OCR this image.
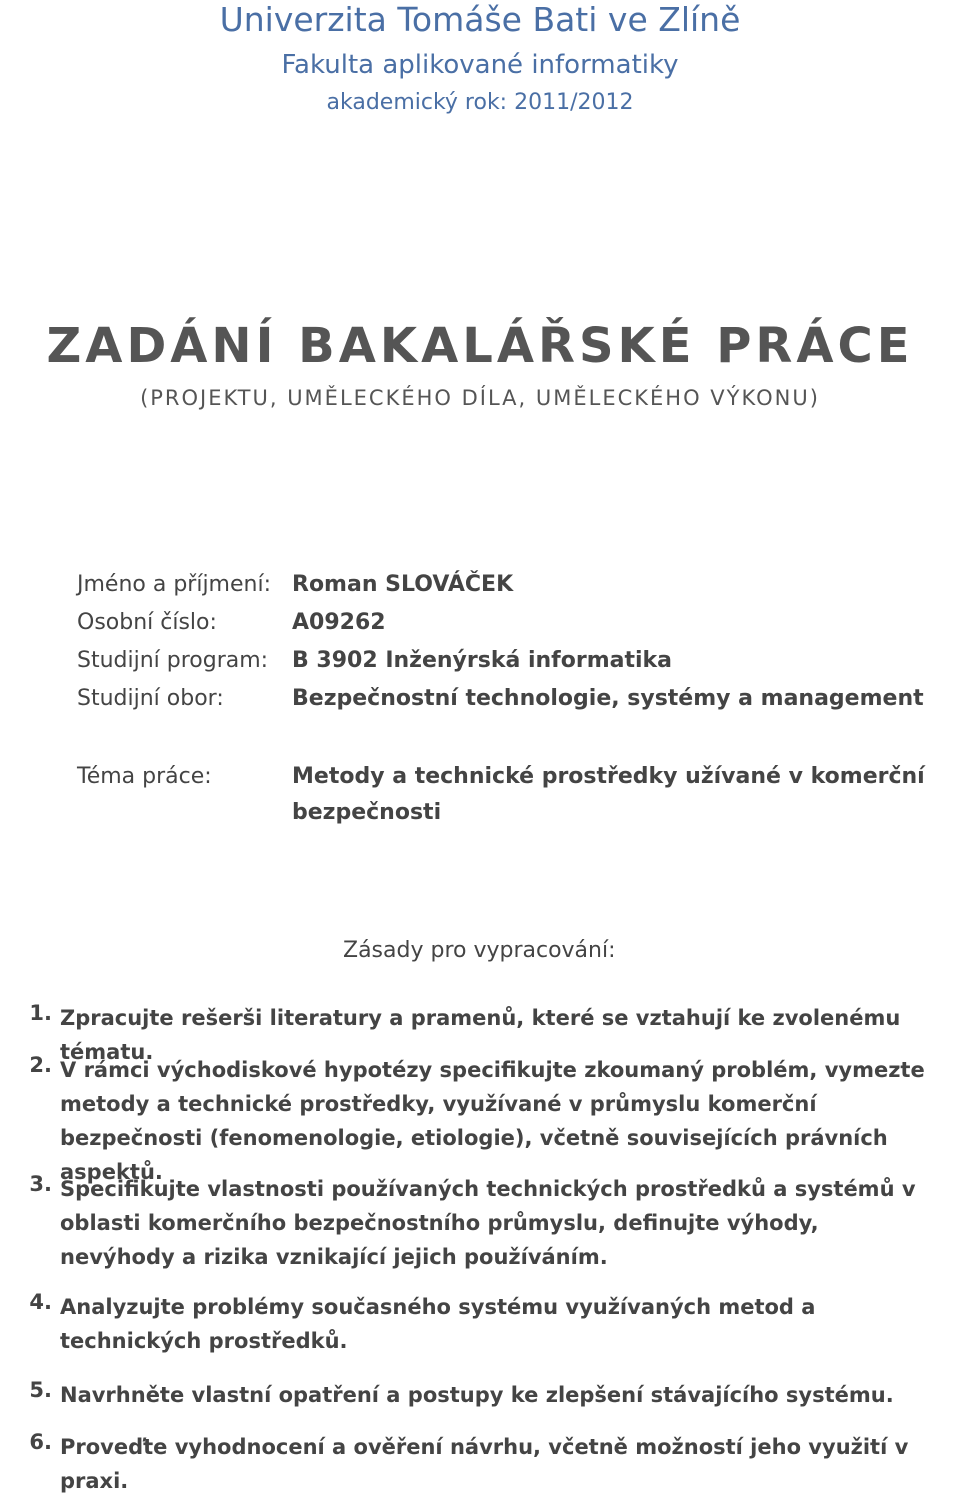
Univerzita Tomáše Bati ve Zlíně
Fakulta aplikované informatiky
akademický rok: 2011/2012
ZADÁNÍ BAKALÁŘSKÉ PRÁCE
(PROJEKTU, UMĚLECKÉHO DÍLA, UMĚLECKÉHO VÝKONU)
Jméno a příjmení: Roman SLOVÁČEK
Osobní číslo:	A09262
Studijní program: B 3902 Inženýrská informatika
Studijní obor:	Bezpečnostní technologie, systémy a management
Téma práce:	Metody a technické prostředky užívané v komerční
bezpečnosti
Zásady pro vypracování:
1. Zpracujte rešerši literatury a pramenů, které se vztahují ke zvolenému tématu.
2. V rámci východiskové hypotézy specifikujte zkoumaný problém, vymezte metody a technické prostředky, využívané v průmyslu komerční bezpečnosti (fenomenologie, etiologie), včetně souvisejících právních aspektů.
3. Specifikujte vlastnosti používaných technických prostředků a systémů v oblasti komerčního bezpečnostního průmyslu, definujte výhody, nevýhody a rizika vznikající jejich používáním.
4. Analyzujte problémy současného systému využívaných metod a technických prostředků.
5. Navrhněte vlastní opatření a postupy ke zlepšení stávajícího systému.
6. Proveďte vyhodnocení a ověření návrhu, včetně možností jeho využití v praxi.
